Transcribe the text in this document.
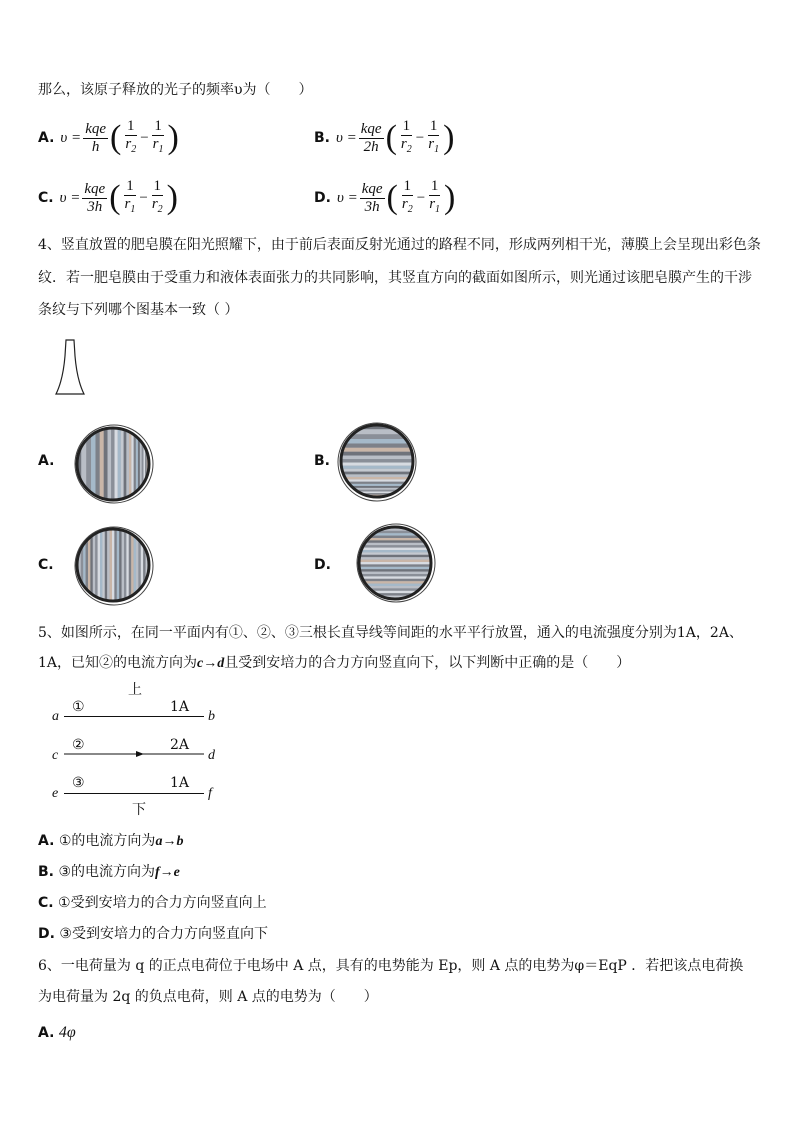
那么，该原子释放的光子的频率υ为（　　）
A. $\upsilon = \frac{\text{kqe}}{h}$ ( $\frac{1}{r_2} - \frac{1}{r_1}$ )	B. $\upsilon = \frac{\text{kqe}}{2h}$ ( $\frac{1}{r_2} - \frac{1}{r_1}$ )
C. $\upsilon = \frac{\text{kqe}}{3h}$ ( $\frac{1}{r_1} - \frac{1}{r_2}$ )	D. $\upsilon = \frac{\text{kqe}}{3h}$ ( $\frac{1}{r_2} - \frac{1}{r_1}$ )
4、竖直放置的肥皂膜在阳光照耀下，由于前后表面反射光通过的路程不同，形成两列相干光，薄膜上会呈现出彩色条
纹．若一肥皂膜由于受重力和液体表面张力的共同影响，其竖直方向的截面如图所示，则光通过该肥皂膜产生的干涉
条纹与下列哪个图基本一致（ ）
A.	B.
C.	D.
5、如图所示，在同一平面内有①、②、③三根长直导线等间距的水平平行放置，通入的电流强度分别为1A，2A、
1A，已知②的电流方向为c→d且受到安培力的合力方向竖直向下，以下判断中正确的是（　　）
上
a
①	1A
b
c
②	2A
d
e
③	1A
f
下
A. ①的电流方向为a→b
B. ③的电流方向为f→e
C. ①受到安培力的合力方向竖直向上
D. ③受到安培力的合力方向竖直向下
6、一电荷量为 q 的正点电荷位于电场中 A 点，具有的电势能为 Ep，则 A 点的电势为φ＝EqP ．若把该点电荷换
为电荷量为 2q 的负点电荷，则 A 点的电势为（　　）
A. 4φ
